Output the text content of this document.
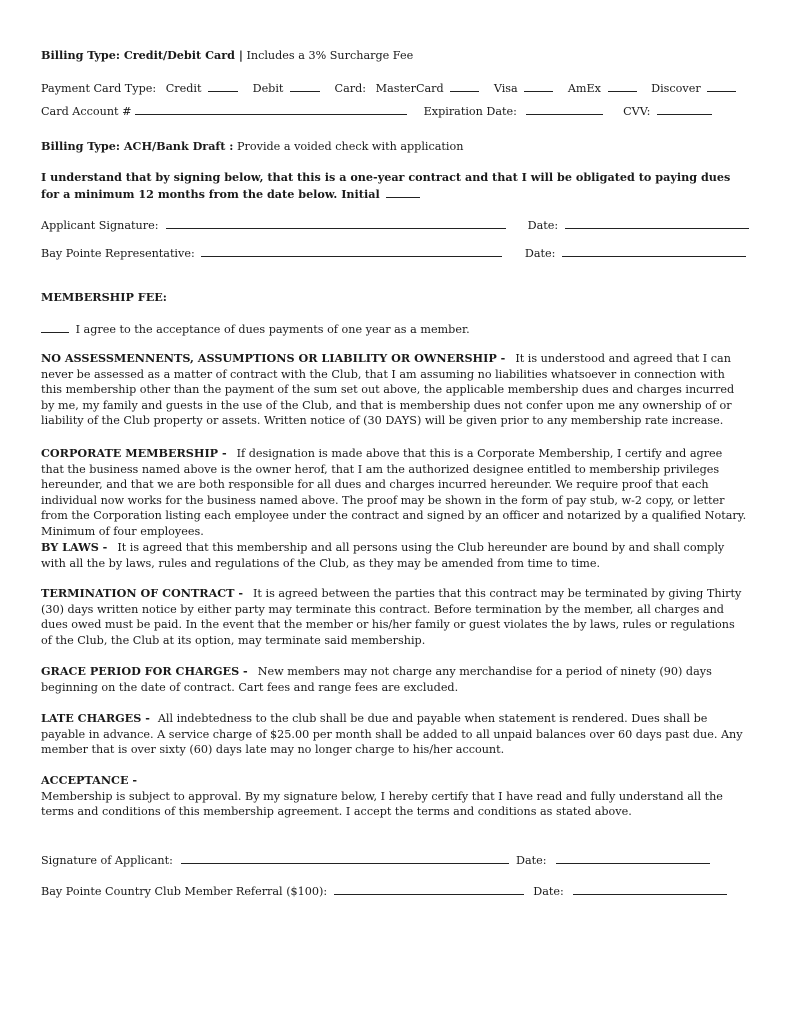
Billing Type: Credit/Debit Card | Includes a 3% Surcharge Fee
Payment Card Type: Credit	Debit	Card: MasterCard	Visa	AmEx	Discover
Card Account #	Expiration Date:	CVV:
Billing Type: ACH/Bank Draft : Provide a voided check with application
I understand that by signing below, that this is a one-year contract and that I will be obligated to paying dues for a minimum 12 months from the date below. Initial
Applicant Signature:	Date:
Bay Pointe Representative:	Date:
MEMBERSHIP FEE:
I agree to the acceptance of dues payments of one year as a member.

NO ASSESSMENNENTS, ASSUMPTIONS OR LIABILITY OR OWNERSHIP - It is understood and agreed that I can never be assessed as a matter of contract with the Club, that I am assuming no liabilities whatsoever in connection with this membership other than the payment of the sum set out above, the applicable membership dues and charges incurred by me, my family and guests in the use of the Club, and that is membership dues not confer upon me any ownership of or liability of the Club property or assets. Written notice of (30 DAYS) will be given prior to any membership rate increase.

CORPORATE MEMBERSHIP - If designation is made above that this is a Corporate Membership, I certify and agree that the business named above is the owner herof, that I am the authorized designee entitled to membership privileges hereunder, and that we are both responsible for all dues and charges incurred hereunder. We require proof that each individual now works for the business named above. The proof may be shown in the form of pay stub, w-2 copy, or letter from the Corporation listing each employee under the contract and signed by an officer and notarized by a qualified Notary. Minimum of four employees.

BY LAWS - It is agreed that this membership and all persons using the Club hereunder are bound by and shall comply with all the by laws, rules and regulations of the Club, as they may be amended from time to time.

TERMINATION OF CONTRACT - It is agreed between the parties that this contract may be terminated by giving Thirty (30) days written notice by either party may terminate this contract. Before termination by the member, all charges and dues owed must be paid. In the event that the member or his/her family or guest violates the by laws, rules or regulations of the Club, the Club at its option, may terminate said membership.

GRACE PERIOD FOR CHARGES - New members may not charge any merchandise for a period of ninety (90) days beginning on the date of contract. Cart fees and range fees are excluded.

LATE CHARGES - All indebtedness to the club shall be due and payable when statement is rendered. Dues shall be payable in advance. A service charge of $25.00 per month shall be added to all unpaid balances over 60 days past due. Any member that is over sixty (60) days late may no longer charge to his/her account.

ACCEPTANCE -

Membership is subject to approval. By my signature below, I hereby certify that I have read and fully understand all the terms and conditions of this membership agreement. I accept the terms and conditions as stated above.

Signature of Applicant:	Date:
Bay Pointe Country Club Member Referral ($100):	Date:
